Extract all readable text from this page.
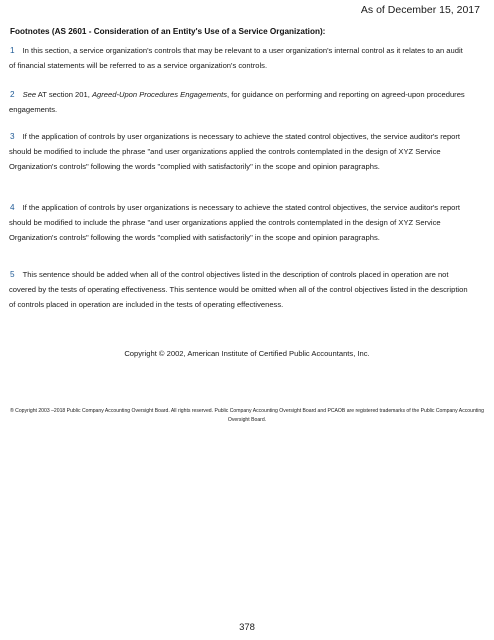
As of December 15, 2017
Footnotes (AS 2601 - Consideration of an Entity's Use of a Service Organization):
1 In this section, a service organization's controls that may be relevant to a user organization's internal control as it relates to an audit of financial statements will be referred to as a service organization's controls.
2 See AT section 201, Agreed-Upon Procedures Engagements, for guidance on performing and reporting on agreed-upon procedures engagements.
3 If the application of controls by user organizations is necessary to achieve the stated control objectives, the service auditor's report should be modified to include the phrase "and user organizations applied the controls contemplated in the design of XYZ Service Organization's controls" following the words "complied with satisfactorily" in the scope and opinion paragraphs.
4 If the application of controls by user organizations is necessary to achieve the stated control objectives, the service auditor's report should be modified to include the phrase "and user organizations applied the controls contemplated in the design of XYZ Service Organization's controls" following the words "complied with satisfactorily" in the scope and opinion paragraphs.
5 This sentence should be added when all of the control objectives listed in the description of controls placed in operation are not covered by the tests of operating effectiveness. This sentence would be omitted when all of the control objectives listed in the description of controls placed in operation are included in the tests of operating effectiveness.
Copyright © 2002, American Institute of Certified Public Accountants, Inc.
® Copyright 2003 –2018 Public Company Accounting Oversight Board. All rights reserved. Public Company Accounting Oversight Board and PCAOB are registered trademarks of the Public Company Accounting Oversight Board.
378
